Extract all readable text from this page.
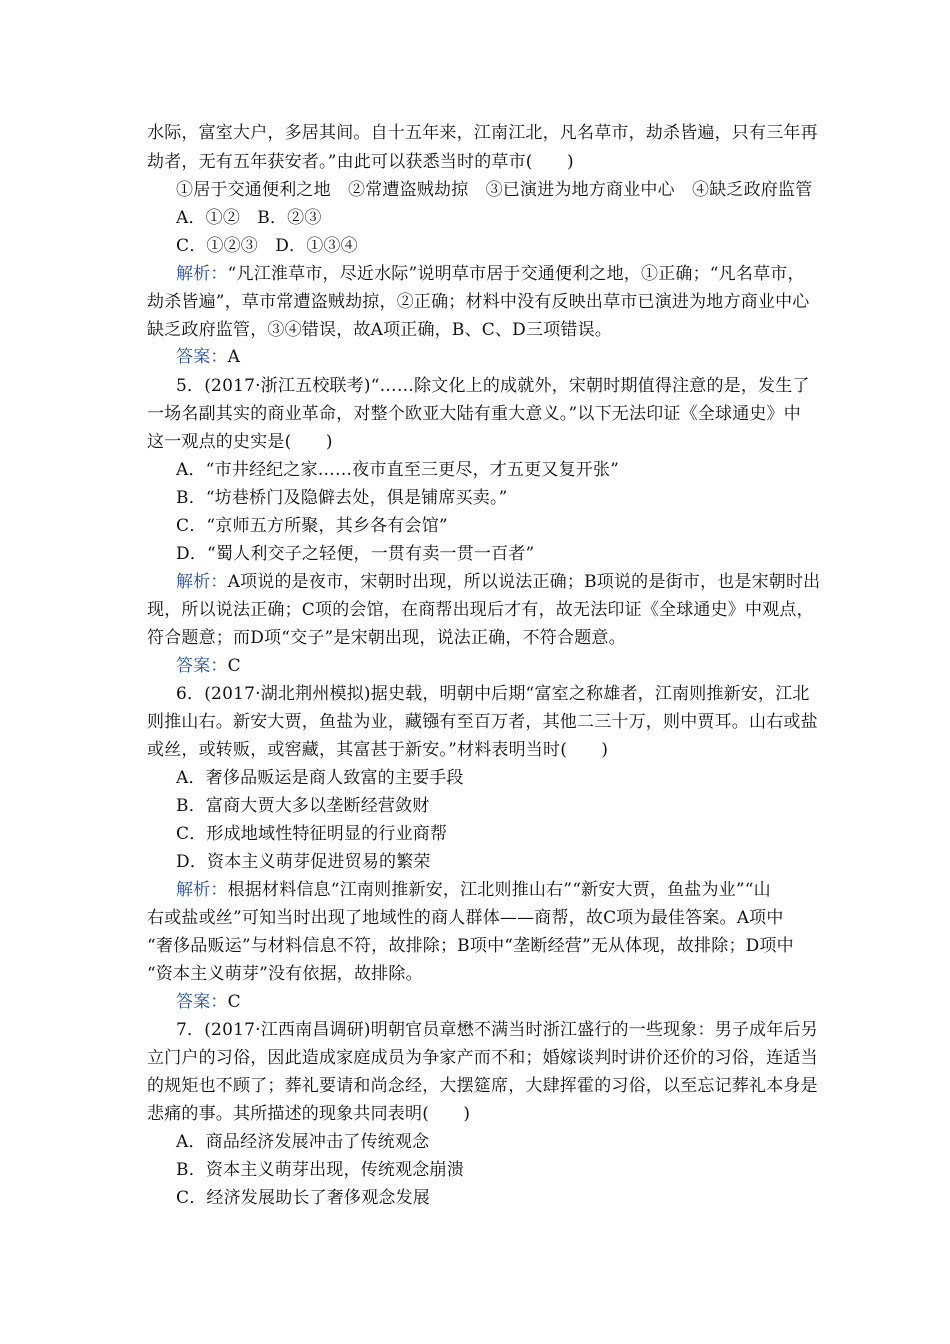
水际，富室大户，多居其间。自十五年来，江南江北，凡名草市，劫杀皆遍，只有三年再
劫者，无有五年获安者。”由此可以获悉当时的草市(　　)
①居于交通便利之地　②常遭盗贼劫掠　③已演进为地方商业中心　④缺乏政府监管
A．①②　B．②③
C．①②③　D．①③④
解析：“凡江淮草市，尽近水际”说明草市居于交通便利之地，①正确；“凡名草市，
劫杀皆遍”，草市常遭盗贼劫掠，②正确；材料中没有反映出草市已演进为地方商业中心
缺乏政府监管，③④错误，故A项正确，B、C、D三项错误。
答案：A
5．(2017·浙江五校联考)“……除文化上的成就外，宋朝时期值得注意的是，发生了
一场名副其实的商业革命，对整个欧亚大陆有重大意义。”以下无法印证《全球通史》中
这一观点的史实是(　　)
A．“市井经纪之家……夜市直至三更尽，才五更又复开张”
B．“坊巷桥门及隐僻去处，俱是铺席买卖。”
C．“京师五方所聚，其乡各有会馆”
D．“蜀人利交子之轻便，一贯有卖一贯一百者”
解析：A项说的是夜市，宋朝时出现，所以说法正确；B项说的是街市，也是宋朝时出
现，所以说法正确；C项的会馆，在商帮出现后才有，故无法印证《全球通史》中观点，
符合题意；而D项“交子”是宋朝出现，说法正确，不符合题意。
答案：C
6．(2017·湖北荆州模拟)据史载，明朝中后期“富室之称雄者，江南则推新安，江北
则推山右。新安大贾，鱼盐为业，藏镪有至百万者，其他二三十万，则中贾耳。山右或盐
或丝，或转贩，或窖藏，其富甚于新安。”材料表明当时(　　)
A．奢侈品贩运是商人致富的主要手段
B．富商大贾大多以垄断经营敛财
C．形成地域性特征明显的行业商帮
D．资本主义萌芽促进贸易的繁荣
解析：根据材料信息“江南则推新安，江北则推山右”“新安大贾，鱼盐为业”“山
右或盐或丝”可知当时出现了地域性的商人群体——商帮，故C项为最佳答案。A项中
“奢侈品贩运”与材料信息不符，故排除；B项中“垄断经营”无从体现，故排除；D项中
“资本主义萌芽”没有依据，故排除。
答案：C
7．(2017·江西南昌调研)明朝官员章懋不满当时浙江盛行的一些现象：男子成年后另
立门户的习俗，因此造成家庭成员为争家产而不和；婚嫁谈判时讲价还价的习俗，连适当
的规矩也不顾了；葬礼要请和尚念经，大摆筵席，大肆挥霍的习俗，以至忘记葬礼本身是
悲痛的事。其所描述的现象共同表明(　　)
A．商品经济发展冲击了传统观念
B．资本主义萌芽出现，传统观念崩溃
C．经济发展助长了奢侈观念发展
